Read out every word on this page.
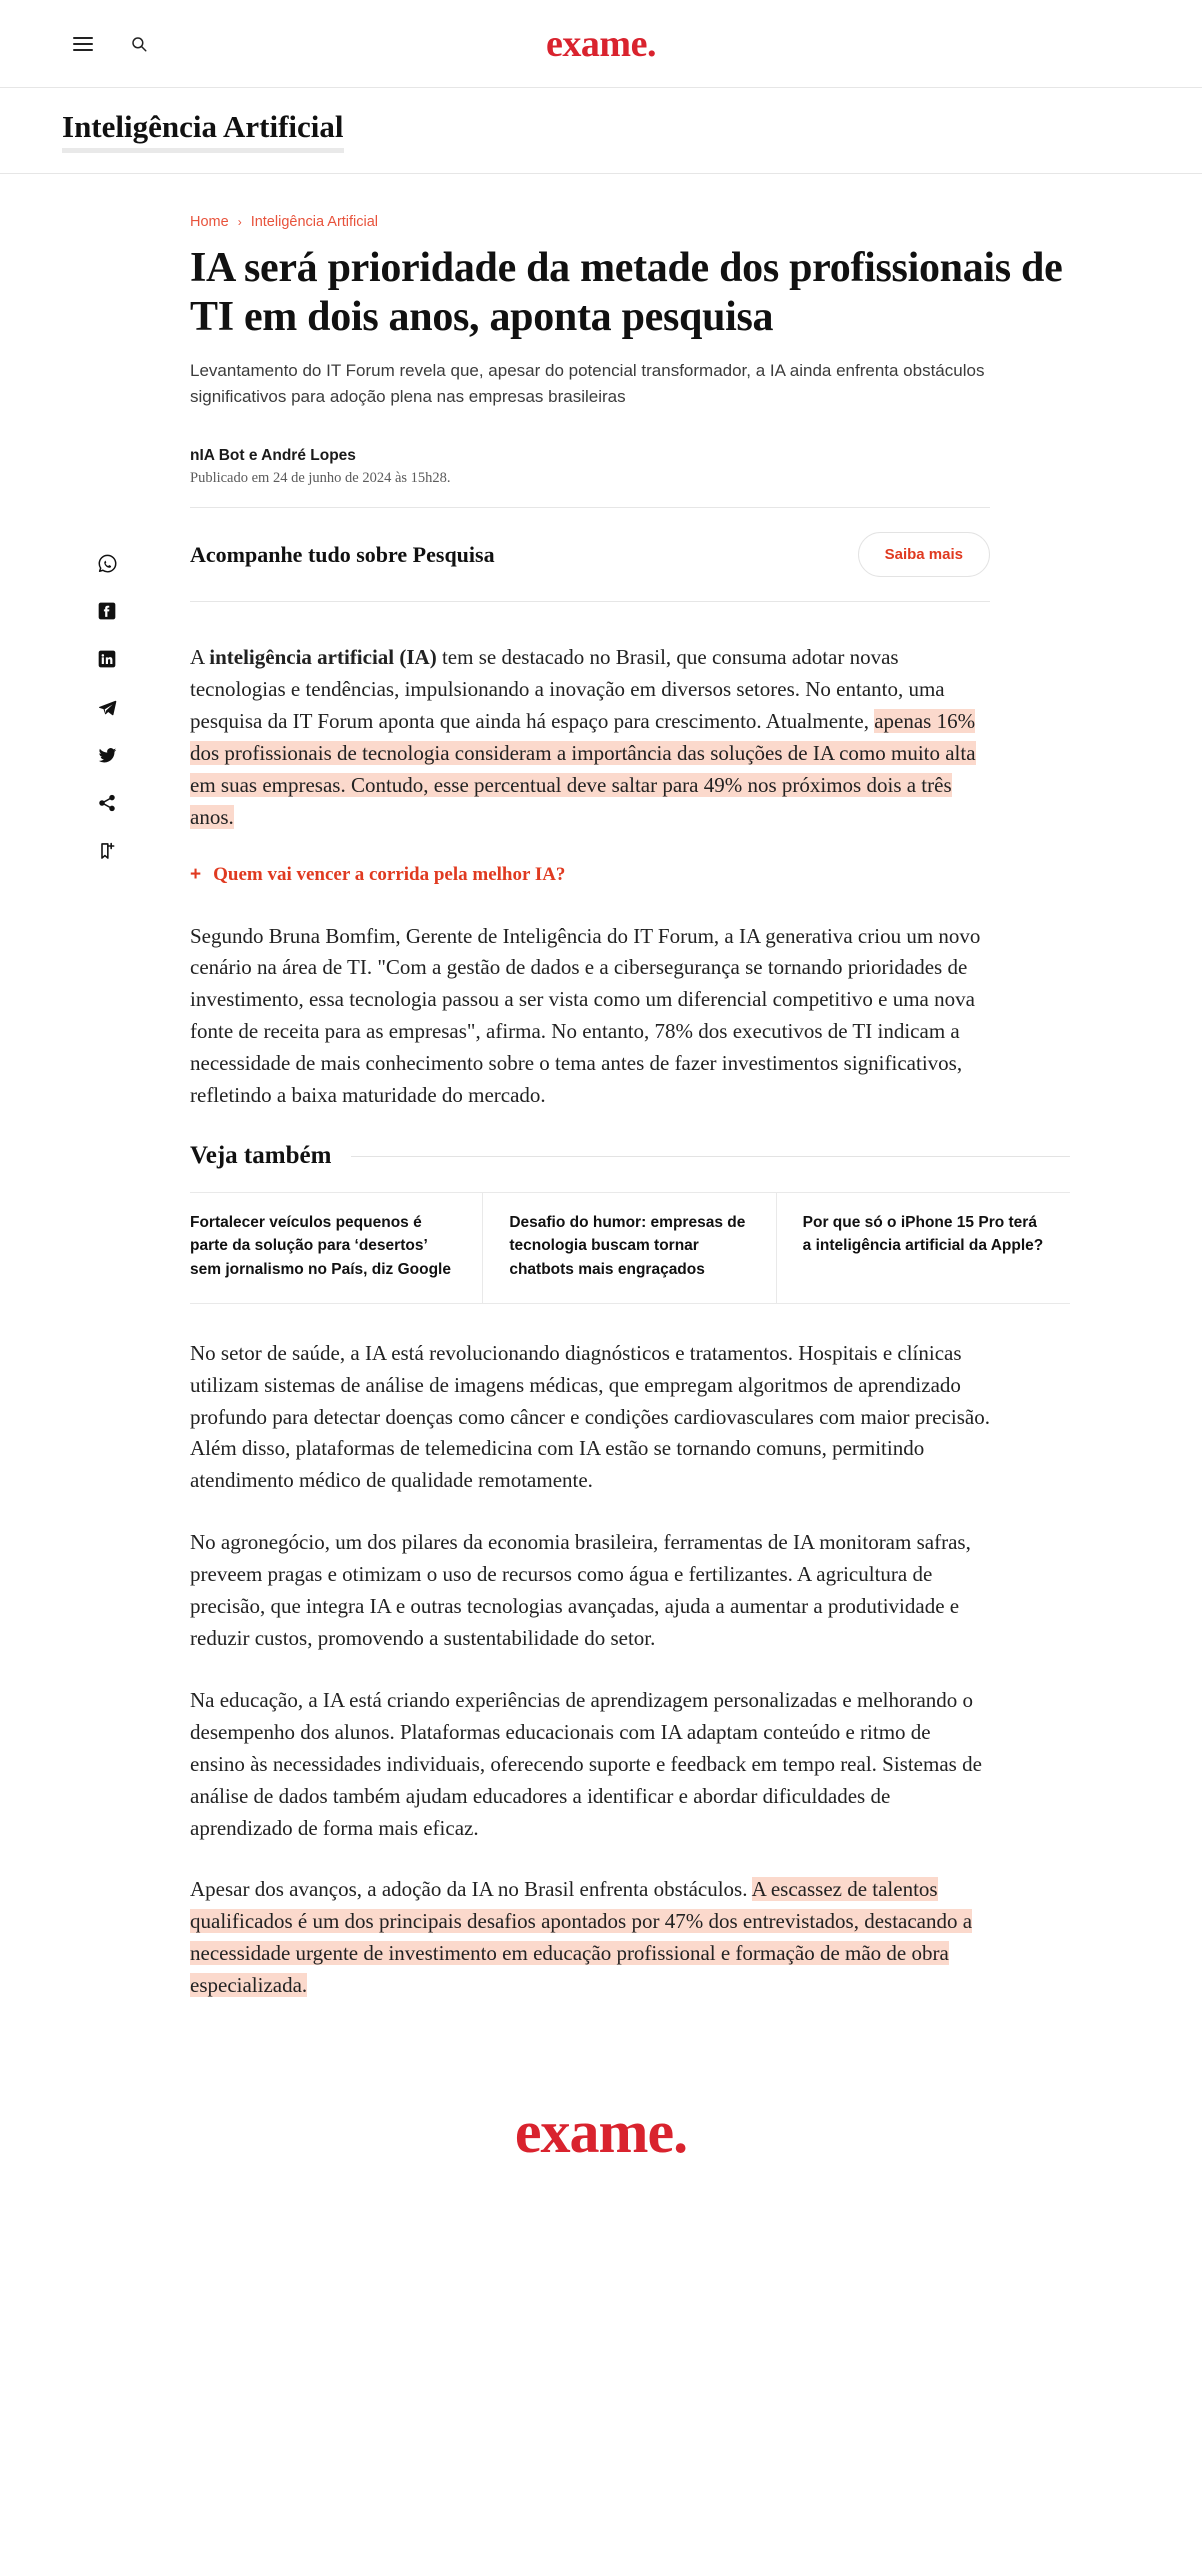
exame.
Inteligência Artificial
Home › Inteligência Artificial
IA será prioridade da metade dos profissionais de TI em dois anos, aponta pesquisa

Levantamento do IT Forum revela que, apesar do potencial transformador, a IA ainda enfrenta obstáculos significativos para adoção plena nas empresas brasileiras

nIA Bot e André Lopes

Publicado em 24 de junho de 2024 às 15h28.

Acompanhe tudo sobre Pesquisa	Saiba mais

A inteligência artificial (IA) tem se destacado no Brasil, que consuma adotar novas tecnologias e tendências, impulsionando a inovação em diversos setores. No entanto, uma pesquisa da IT Forum aponta que ainda há espaço para crescimento. Atualmente, apenas 16% dos profissionais de tecnologia consideram a importância das soluções de IA como muito alta em suas empresas. Contudo, esse percentual deve saltar para 49% nos próximos dois a três anos.

+ Quem vai vencer a corrida pela melhor IA?

Segundo Bruna Bomfim, Gerente de Inteligência do IT Forum, a IA generativa criou um novo cenário na área de TI. "Com a gestão de dados e a cibersegurança se tornando prioridades de investimento, essa tecnologia passou a ser vista como um diferencial competitivo e uma nova fonte de receita para as empresas", afirma. No entanto, 78% dos executivos de TI indicam a necessidade de mais conhecimento sobre o tema antes de fazer investimentos significativos, refletindo a baixa maturidade do mercado.

Veja também
Fortalecer veículos pequenos é parte da solução para ‘desertos’ sem jornalismo no País, diz Google
Desafio do humor: empresas de tecnologia buscam tornar chatbots mais engraçados
Por que só o iPhone 15 Pro terá a inteligência artificial da Apple?

No setor de saúde, a IA está revolucionando diagnósticos e tratamentos. Hospitais e clínicas utilizam sistemas de análise de imagens médicas, que empregam algoritmos de aprendizado profundo para detectar doenças como câncer e condições cardiovasculares com maior precisão. Além disso, plataformas de telemedicina com IA estão se tornando comuns, permitindo atendimento médico de qualidade remotamente.

No agronegócio, um dos pilares da economia brasileira, ferramentas de IA monitoram safras, preveem pragas e otimizam o uso de recursos como água e fertilizantes. A agricultura de precisão, que integra IA e outras tecnologias avançadas, ajuda a aumentar a produtividade e reduzir custos, promovendo a sustentabilidade do setor.

Na educação, a IA está criando experiências de aprendizagem personalizadas e melhorando o desempenho dos alunos. Plataformas educacionais com IA adaptam conteúdo e ritmo de ensino às necessidades individuais, oferecendo suporte e feedback em tempo real. Sistemas de análise de dados também ajudam educadores a identificar e abordar dificuldades de aprendizado de forma mais eficaz.

Apesar dos avanços, a adoção da IA no Brasil enfrenta obstáculos. A escassez de talentos qualificados é um dos principais desafios apontados por 47% dos entrevistados, destacando a necessidade urgente de investimento em educação profissional e formação de mão de obra especializada.

exame.
